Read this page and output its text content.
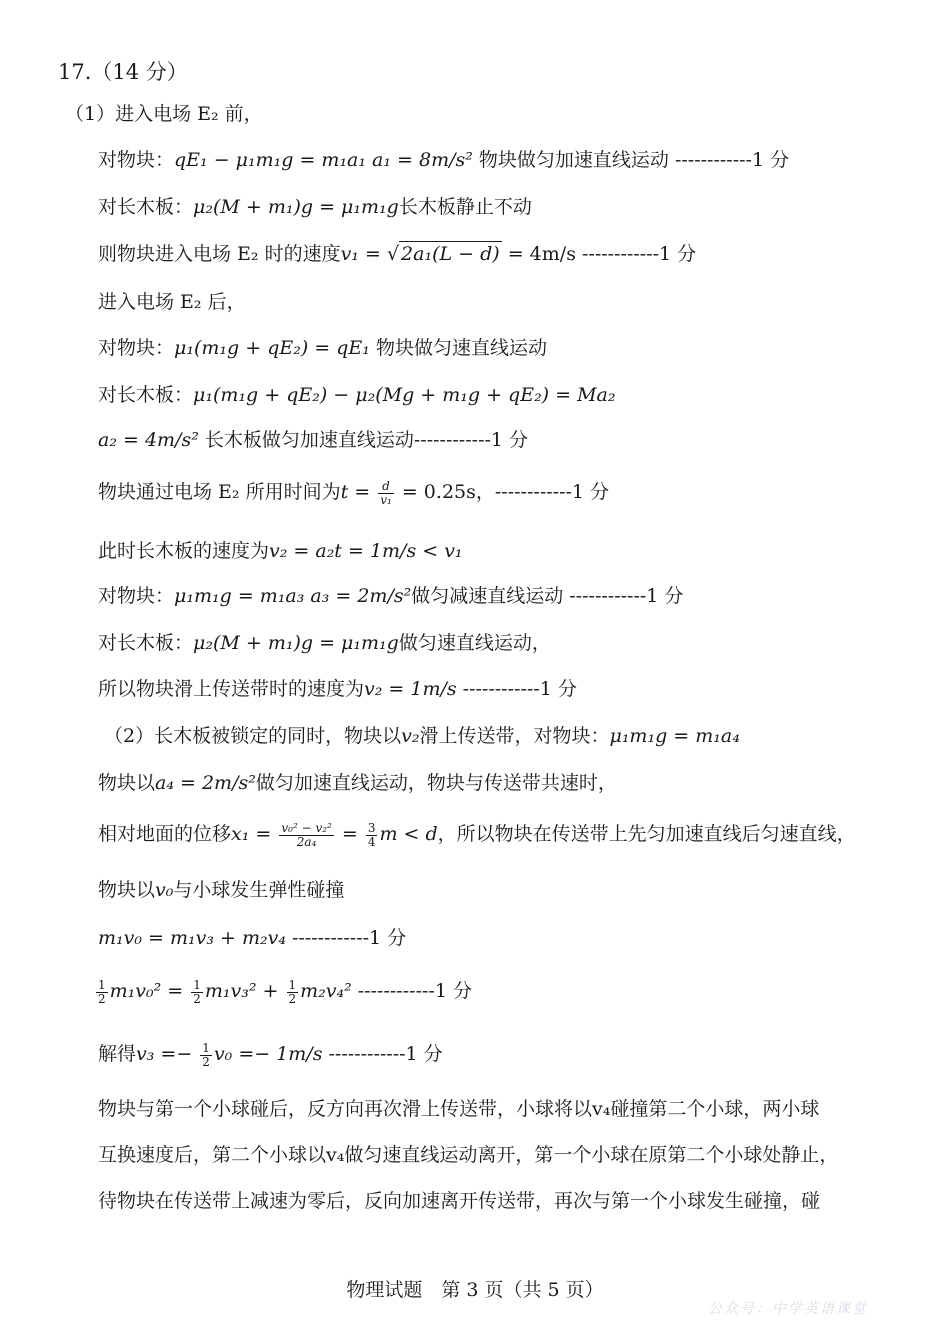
17.（14 分）
（1）进入电场 E₂ 前，
对物块：qE₁ − μ₁m₁g = m₁a₁ a₁ = 8m/s² 物块做匀加速直线运动 ------------1 分
对长木板：μ₂(M + m₁)g = μ₁m₁g长木板静止不动
则物块进入电场 E₂ 时的速度v₁ = √ 2a₁(L − d) = 4m/s ------------1 分
进入电场 E₂ 后，
对物块：μ₁(m₁g + qE₂) = qE₁ 物块做匀速直线运动
对长木板：μ₁(m₁g + qE₂) − μ₂(Mg + m₁g + qE₂) = Ma₂
a₂ = 4m/s² 长木板做匀加速直线运动------------1 分
物块通过电场 E₂ 所用时间为$t = \frac{d}{\text{v₁}} = 0.25s$，------------1 分
此时长木板的速度为v₂ = a₂t = 1m/s < v₁
对物块：μ₁m₁g = m₁a₃ a₃ = 2m/s²做匀减速直线运动 ------------1 分
对长木板：μ₂(M + m₁)g = μ₁m₁g做匀速直线运动，
所以物块滑上传送带时的速度为v₂ = 1m/s ------------1 分
（2）长木板被锁定的同时，物块以v₂滑上传送带，对物块：μ₁m₁g = m₁a₄
物块以a₄ = 2m/s²做匀加速直线运动，物块与传送带共速时，
相对地面的位移$x_1 = \frac{\text{v₀² − v₂²}}{\text{2a₄}} = \frac{3}{4}$ m < d，所以物块在传送带上先匀加速直线后匀速直线，
物块以v₀与小球发生弹性碰撞
m₁v₀ = m₁v₃ + m₂v₄ ------------1 分
$\frac{1}{2} m_1v_0^2 = \frac{1}{2} m_1v_3^2 + \frac{1}{2} m_2v_4^2$ ------------1 分
解得$v_3 =- \frac{1}{2} v_0 =- 1m/s$ ------------1 分
物块与第一个小球碰后，反方向再次滑上传送带，小球将以v₄碰撞第二个小球，两小球
互换速度后，第二个小球以v₄做匀速直线运动离开，第一个小球在原第二个小球处静止，
待物块在传送带上减速为零后，反向加速离开传送带，再次与第一个小球发生碰撞，碰
物理试题　第 3 页（共 5 页）
公众号：中学英语课堂
